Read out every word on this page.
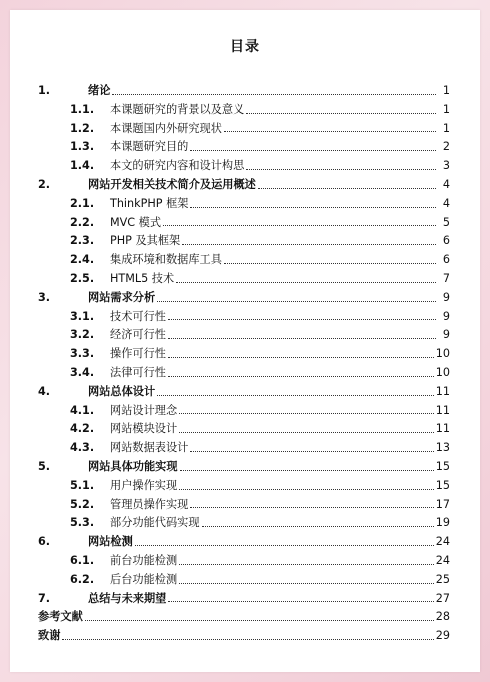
目录
1.	绪论	1
1.1.	本课题研究的背景以及意义	1
1.2.	本课题国内外研究现状	1
1.3.	本课题研究目的	2
1.4.	本文的研究内容和设计构思	3
2.	网站开发相关技术简介及运用概述	4
2.1.	ThinkPHP 框架	4
2.2.	MVC 模式	5
2.3.	PHP 及其框架	6
2.4.	集成环境和数据库工具	6
2.5.	HTML5 技术	7
3.	网站需求分析	9
3.1.	技术可行性	9
3.2.	经济可行性	9
3.3.	操作可行性	10
3.4.	法律可行性	10
4.	网站总体设计	11
4.1.	网站设计理念	11
4.2.	网站模块设计	11
4.3.	网站数据表设计	13
5.	网站具体功能实现	15
5.1.	用户操作实现	15
5.2.	管理员操作实现	17
5.3.	部分功能代码实现	19
6.	网站检测	24
6.1.	前台功能检测	24
6.2.	后台功能检测	25
7.	总结与未来期望	27
参考文献	28
致谢	29
